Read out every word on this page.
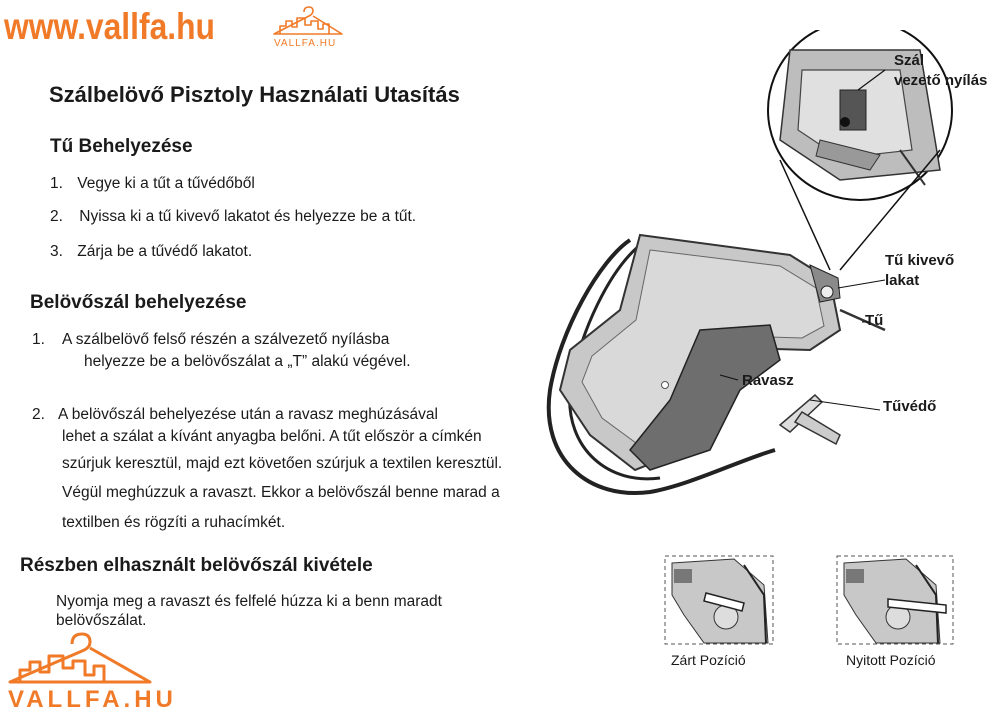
www.vallfa.hu	VALLFA.HU
Szálbelövő Pisztoly Használati Utasítás
Tű Behelyezése
1. Vegye ki a tűt a tűvédőből
2. Nyissa ki a tű kivevő lakatot és helyezze be a tűt.
3. Zárja be a tűvédő lakatot.
Belövőszál behelyezése
1. A szálbelövő felső részén a szálvezető nyílásba
helyezze be a belövőszálat a „T” alakú végével.
2. A belövőszál behelyezése után a ravasz meghúzásával
lehet a szálat a kívánt anyagba belőni. A tűt először a címkén
szúrjuk keresztül, majd ezt követően szúrjuk a textilen keresztül.
Végül meghúzzuk a ravaszt. Ekkor a belövőszál benne marad a
textilben és rögzíti a ruhacímkét.
Részben elhasznált belövőszál kivétele
Nyomja meg a ravaszt és felfelé húzza ki a benn maradt
belövőszálat.
VALLFA.HU
Szál
vezető nyílás
Tű kivevő
lakat
Tű
Ravasz
Tűvédő
Zárt Pozíció	Nyitott Pozíció
